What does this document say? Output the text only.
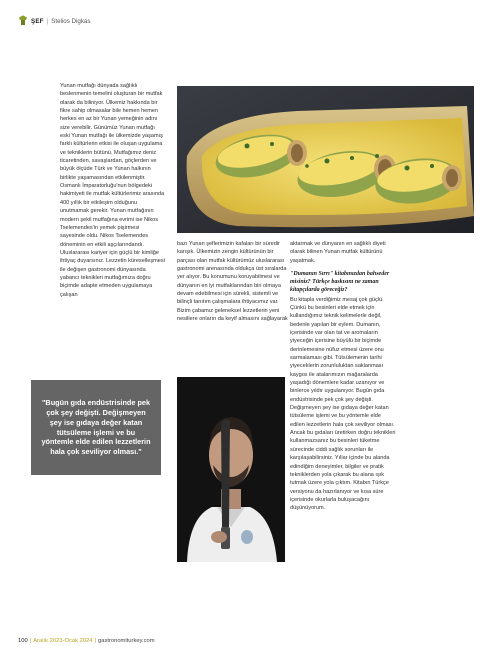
ŞEF | Stelios Digkas

Yunan mutfağı dünyada sağlıklı beslenmenin temelini oluşturan bir mutfak olarak da biliniyor. Ülkemiz hakkında bir fikre sahip olmasalar bile hemen hemen herkes en az bir Yunan yemeğinin adını size verebilir. Günümüz Yunan mutfağı eski Yunan mutfağı ile ülkemizde yaşamış farklı kültürlerin etkisi ile oluşan uygulama ve tekniklerin bütünü. Mutfağımız deniz ticaretinden, savaşlardan, göçlerden ve büyük ölçüde Türk ve Yunan halkının birlikte yaşamasından etkilenmiştir. Osmanlı İmparatorluğu'nun bölgedeki hakimiyeti ile mutfak kültürlerimiz arasında 400 yıllık bir etkileşim olduğunu unutmamak gerekir. Yunan mutfağının modern şekil mutfağına evrimi ise Nikos Tselemendes'in yemek pişirmesi sayesinde oldu. Nikos Tselemendes döneminin en etkili aşçılarındandı. Uluslararası kariyer için güçlü bir kimliğe ihtiyaç duyarsınız. Lezzetin küreselleşmesi ile değişen gastronomi dünyasında yabancı teknikleri mutfağımıza doğru biçimde adapte etmeden uygulamaya çalışan

bazı Yunan şeflerimizin kafaları bir süredir karışık. Ülkemizin zengin kültürünün bir parçası olan mutfak kültürümüz uluslararası gastronomi arenasında oldukça üst sıralarda yer alıyor. Bu konumunu koruyabilmesi ve dünyanın en iyi mutfaklarından biri olmaya devam edebilmesi için sürekli, sistemli ve bilinçli tanıtım çalışmalara ihtiyacımız var. Bizim çabamız geleneksel lezzetlerin yeni nesillere onların da keyif almasını sağlayarak

aktarmak ve dünyanın en sağlıklı diyeti olarak bilinen Yunan mutfak kültürünü yaşatmak.

"Dumanın Sırrı" kitabınızdan bahseder misiniz? Türkçe baskısını ne zaman kitapçılarda göreceğiz?

Bu kitapla verdiğimiz mesaj çok güçlü. Çünkü bu besinleri elde etmek için kullandığımız teknik kelimelerle değil, bedenle yapılan bir eylem. Dumanın, içerisinde var olan tat ve aromaların yiyeceğin içerisine büyülü bir biçimde derinlemesine nüfuz etmesi üzere onu sarmalaması gibi. Tütsülemenin tarihi yiyeceklerin zorunluluktan saklanması kaygısı ile atalarımızın mağaralarda yaşadığı dönemlere kadar uzanıyor ve binlerce yıldır uygulanıyor. Bugün gıda endüstrisinde pek çok şey değişti. Değişmeyen şey ise gıdaya değer katan tütsüleme işlemi ve bu yöntemle elde edilen lezzetlerin hala çok seviliyor olması. Ancak bu gıdaları üretirken doğru teknikleri kullanmazsanız bu besinleri tüketme sürecinde ciddi sağlık sorunları ile karşılaşabilirsiniz. Yıllar içinde bu alanda edindiğim deneyimler, bilgiler ve pratik tekniklerden yola çıkarak bu alana ışık tutmak üzere yola çıktım. Kitabın Türkçe versiyonu da hazırlanıyor ve kısa süre içerisinde okurlarla buluşacağını düşünüyorum.

"Bugün gıda endüstrisinde pek çok şey değişti. Değişmeyen şey ise gıdaya değer katan tütsüleme işlemi ve bu yöntemle elde edilen lezzetlerin hala çok seviliyor olması."
100 | Aralık 2023-Ocak 2024 | gastronomiturkey.com
